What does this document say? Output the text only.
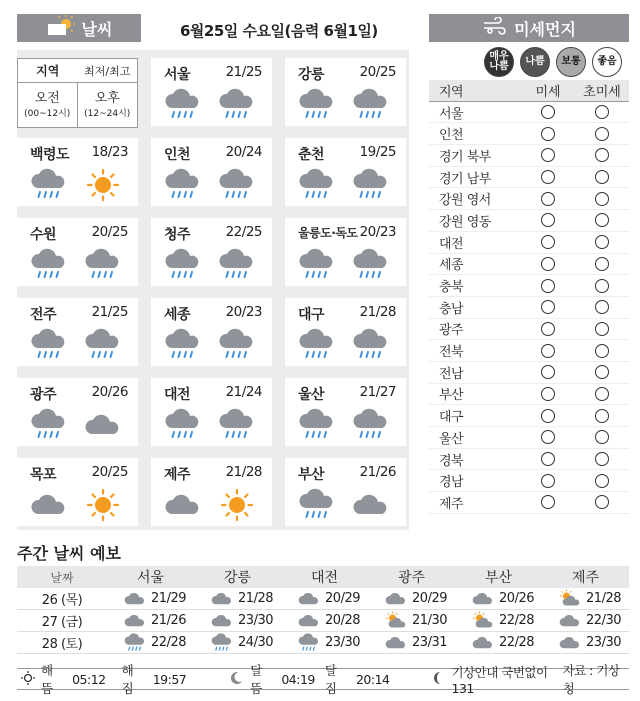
날씨	6월25일 수요일(음력 6월1일)	미세먼지
지역	최저/최고
오전
(00~12시)
오후
(12~24시)
서울	21/25	강릉	20/25
백령도 18/23	인천	20/24	춘천	19/25
수원	20/25	청주	22/25	울릉도·독도 20/23
전주	21/25	세종	20/23	대구	21/28
광주	20/26	대전	21/24	울산	21/27
목포	20/25	제주	21/28	부산	21/26
매우
나쁨	나쁨	보통	좋음
지역	미세	초미세
서울
인천
경기 북부
경기 남부
강원 영서
강원 영동
대전
세종
충북
충남
광주
전북
전남
부산
대구
울산
경북
경남
제주
주간 날씨 예보
날짜	서울	강릉	대전	광주	부산	제주
26 (목)	21/29	21/28	20/29	20/29	20/26	21/28
27 (금)	21/26	23/30	20/28	21/30	22/28	22/30
28 (토)	22/28	24/30	23/30	23/31	22/28	23/30
해뜸
05:12
해짐
19:57
달뜸
04:19
달짐
20:14	기상안내 국번없이 131
자료 : 기상청
